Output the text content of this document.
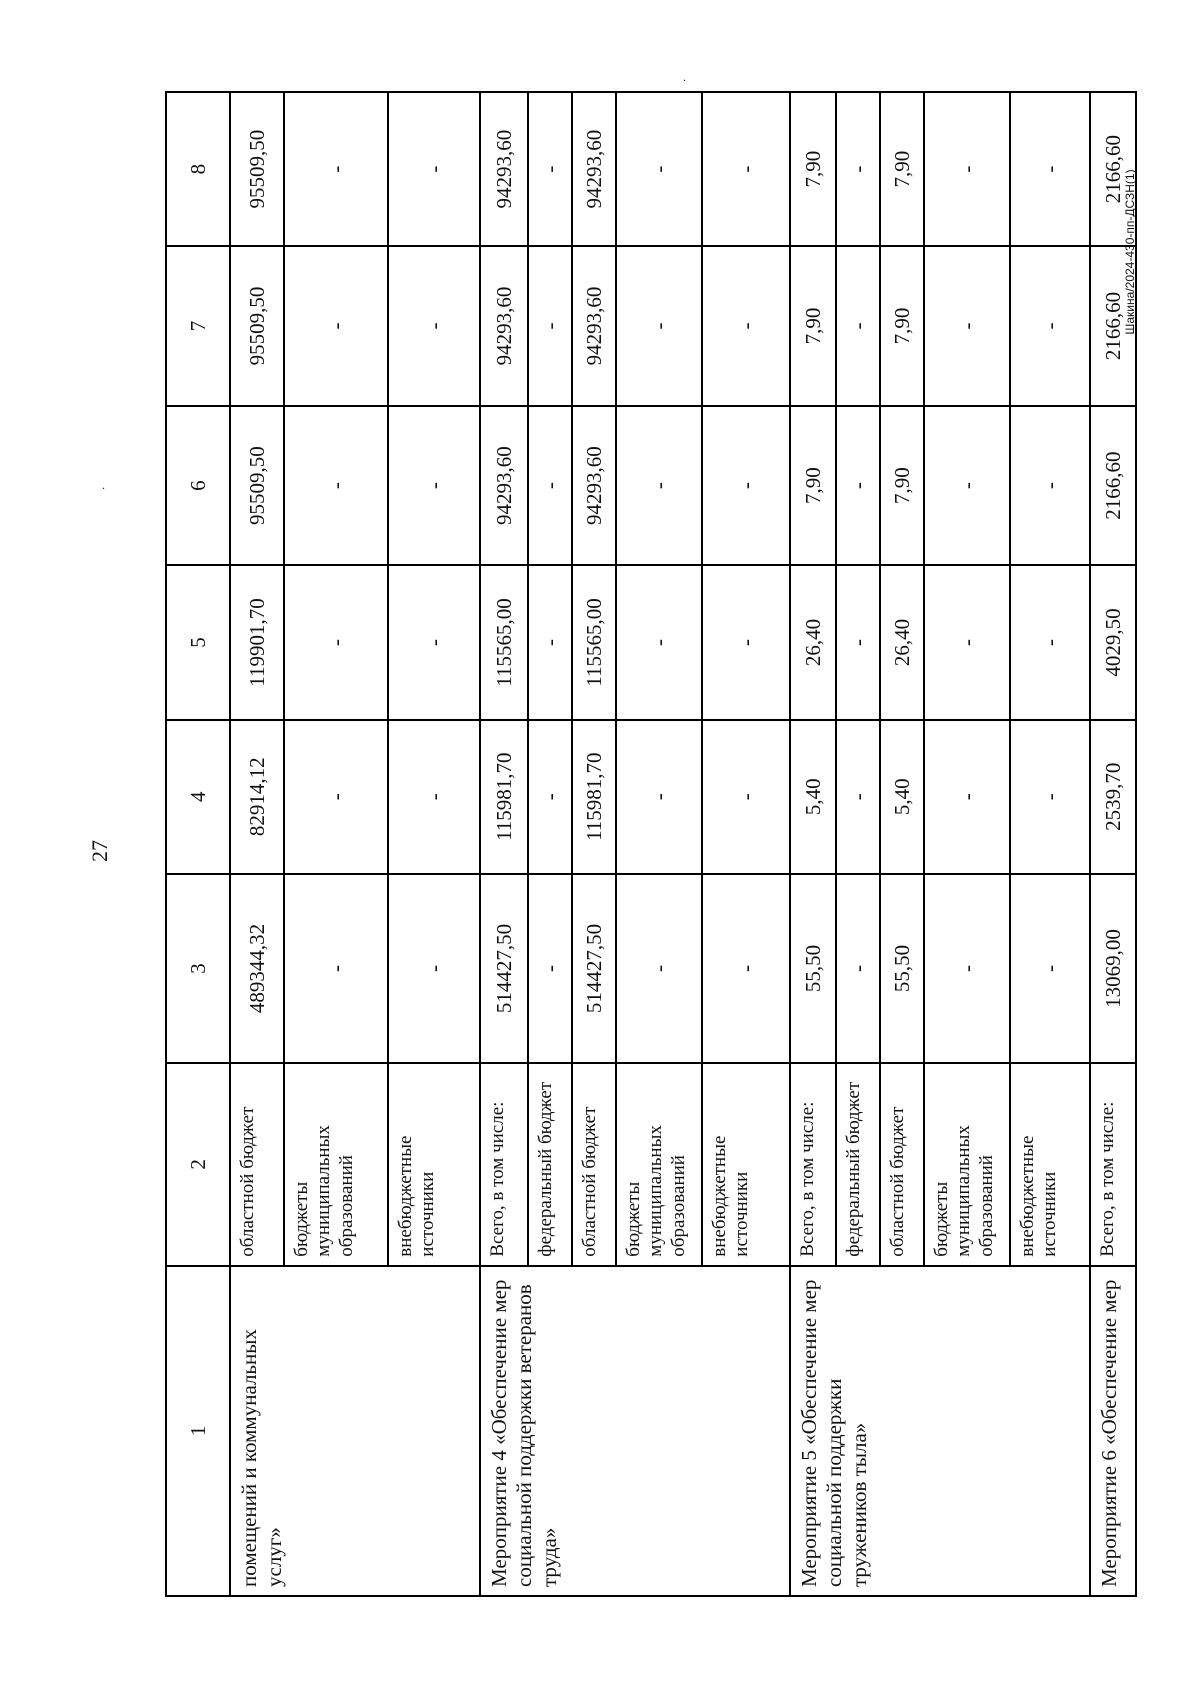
27
Шакина/2024-430-пп-ДСЗН(1)
.
.
1	2	3	4	5	6	7	8
помещений и коммунальных услуг»	областной бюджет	489344,32	82914,12	119901,70	95509,50	95509,50	95509,50
	бюджеты муниципальных образований	-	-	-	-	-	-
	внебюджетные источники	-	-	-	-	-	-
Мероприятие 4 «Обеспечение мер социальной поддержки ветеранов труда»	Всего, в том числе:	514427,50	115981,70	115565,00	94293,60	94293,60	94293,60
	федеральный бюджет	-	-	-	-	-	-
	областной бюджет	514427,50	115981,70	115565,00	94293,60	94293,60	94293,60
	бюджеты муниципальных образований	-	-	-	-	-	-
	внебюджетные источники	-	-	-	-	-	-
Мероприятие 5 «Обеспечение мер социальной поддержки тружеников тыла»	Всего, в том числе:	55,50	5,40	26,40	7,90	7,90	7,90
	федеральный бюджет	-	-	-	-	-	-
	областной бюджет	55,50	5,40	26,40	7,90	7,90	7,90
	бюджеты муниципальных образований	-	-	-	-	-	-
	внебюджетные источники	-	-	-	-	-	-
Мероприятие 6 «Обеспечение мер	Всего, в том числе:	13069,00	2539,70	4029,50	2166,60	2166,60	2166,60
